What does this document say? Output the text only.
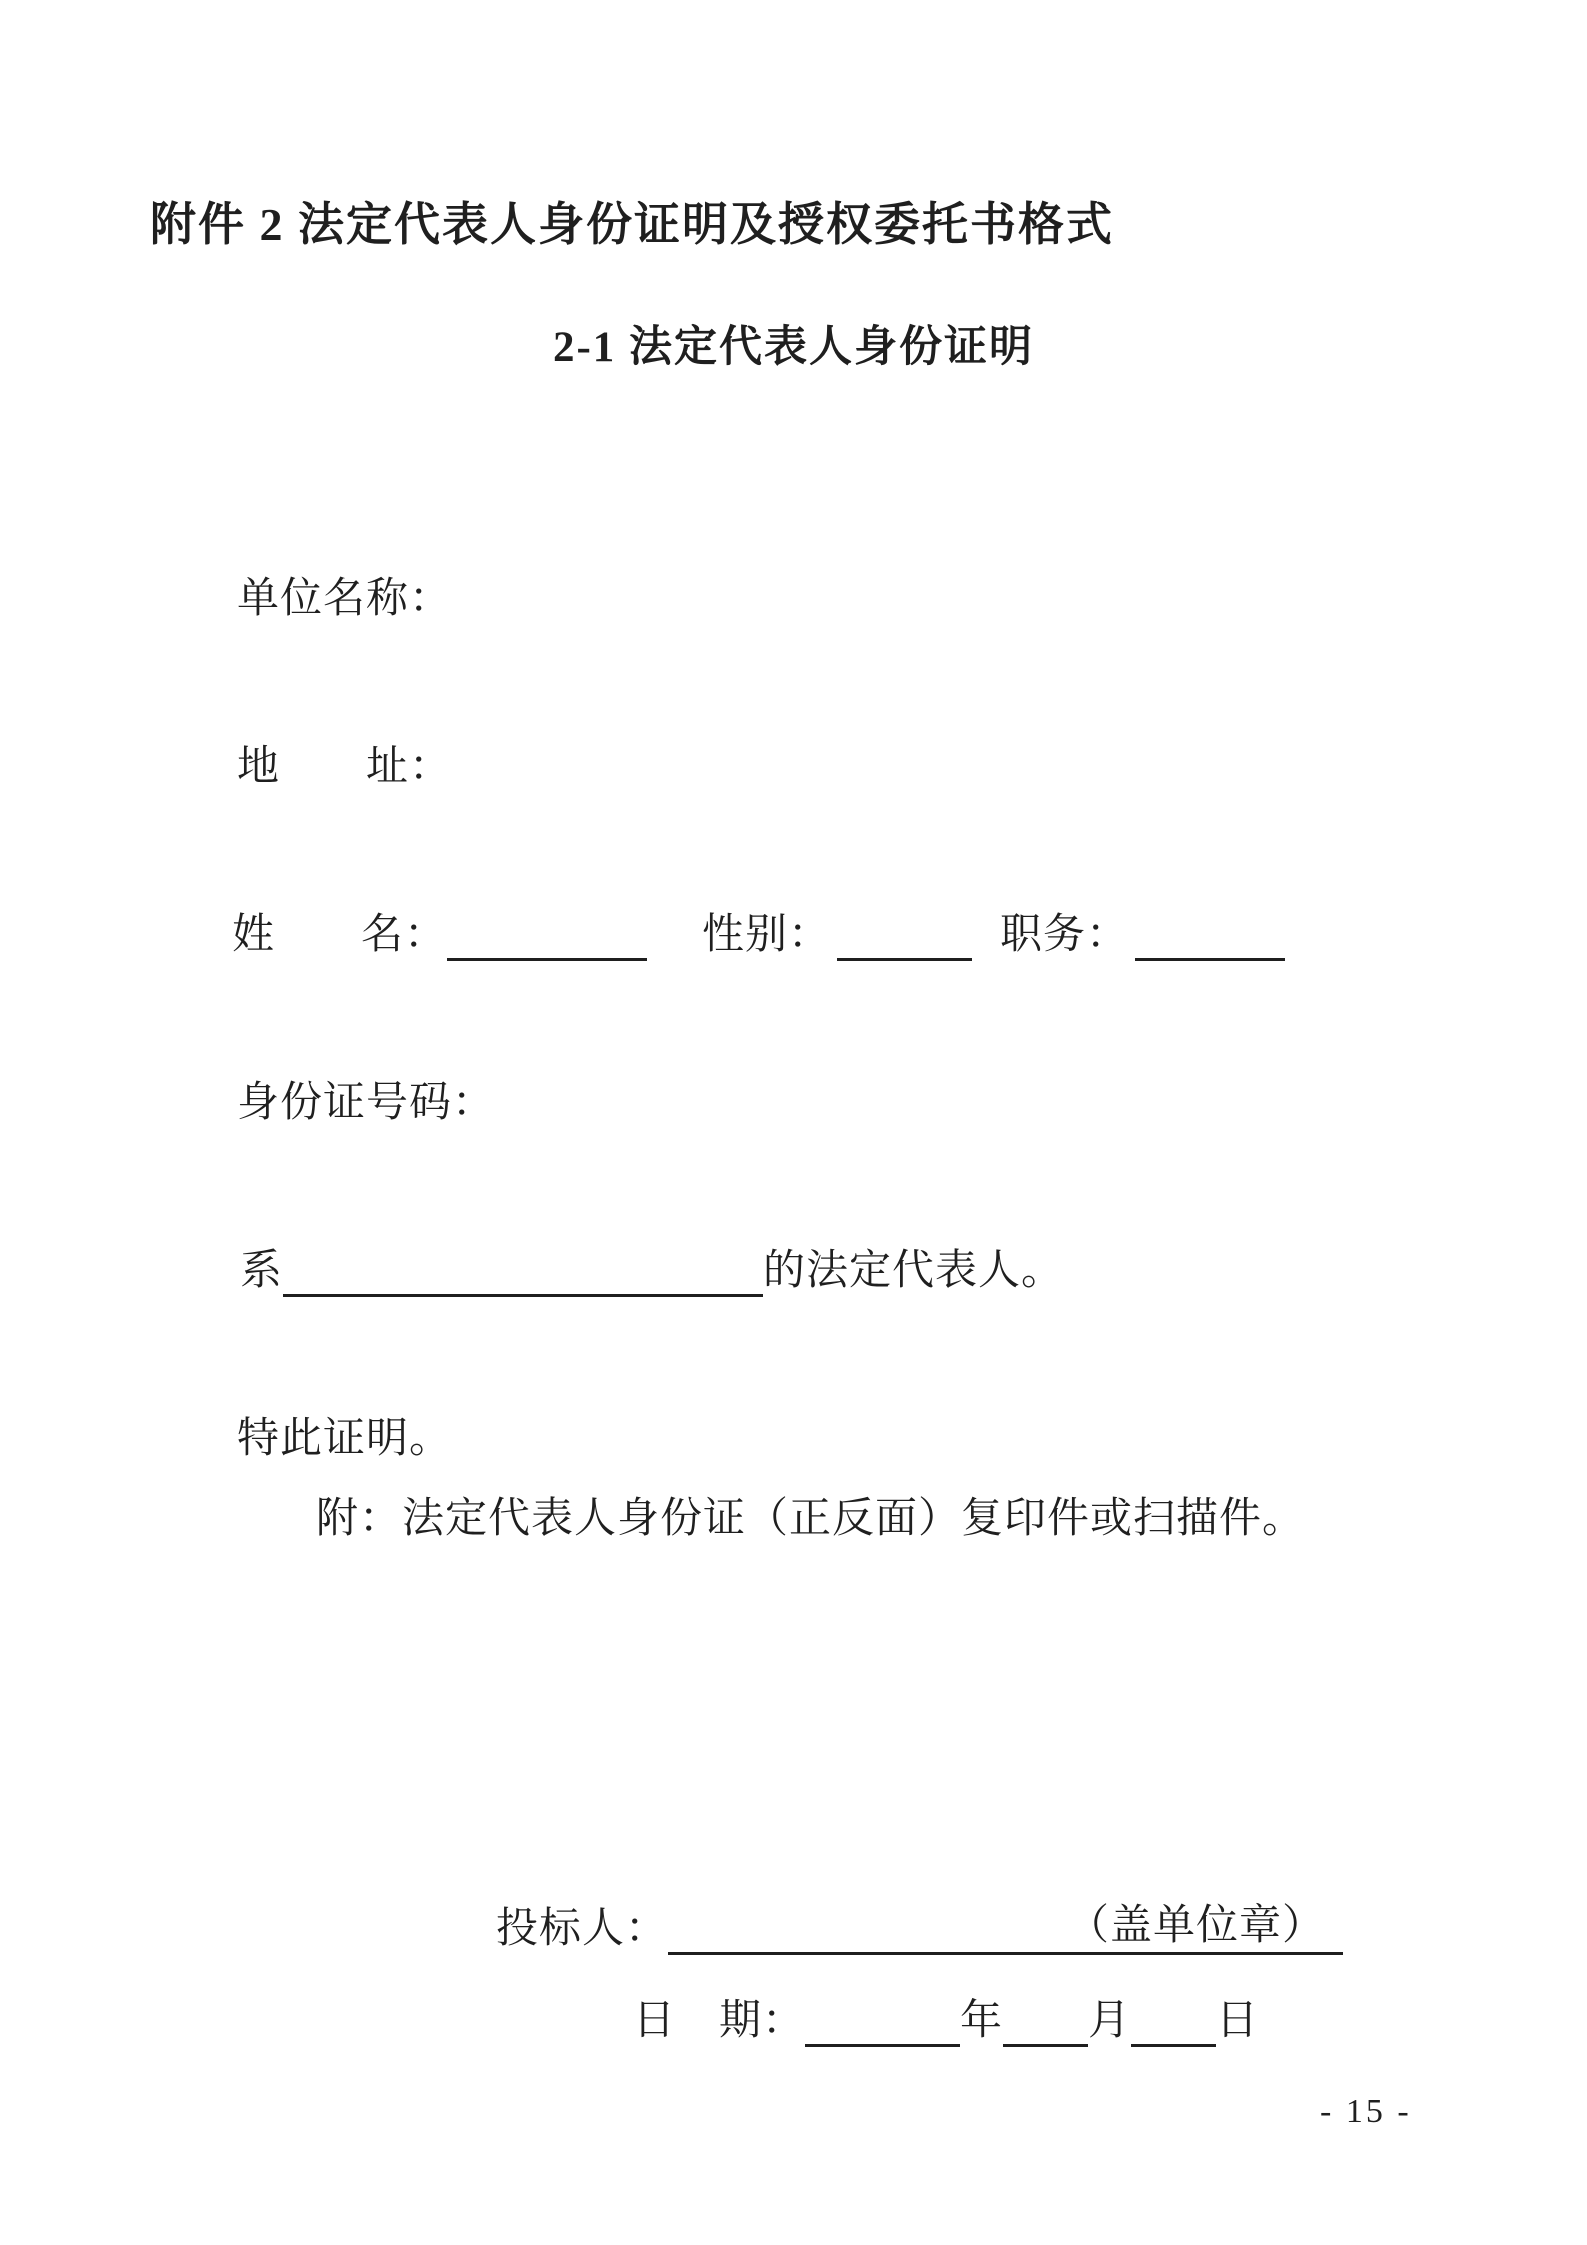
附件 2 法定代表人身份证明及授权委托书格式
2-1 法定代表人身份证明
单位名称：
地　　址：
姓　　名：	性别：	职务：
身份证号码：
系	的法定代表人。
特此证明。
附：法定代表人身份证（正反面）复印件或扫描件。
投标人：	（盖单位章）
日　期：	年 月 日
- 15 -
